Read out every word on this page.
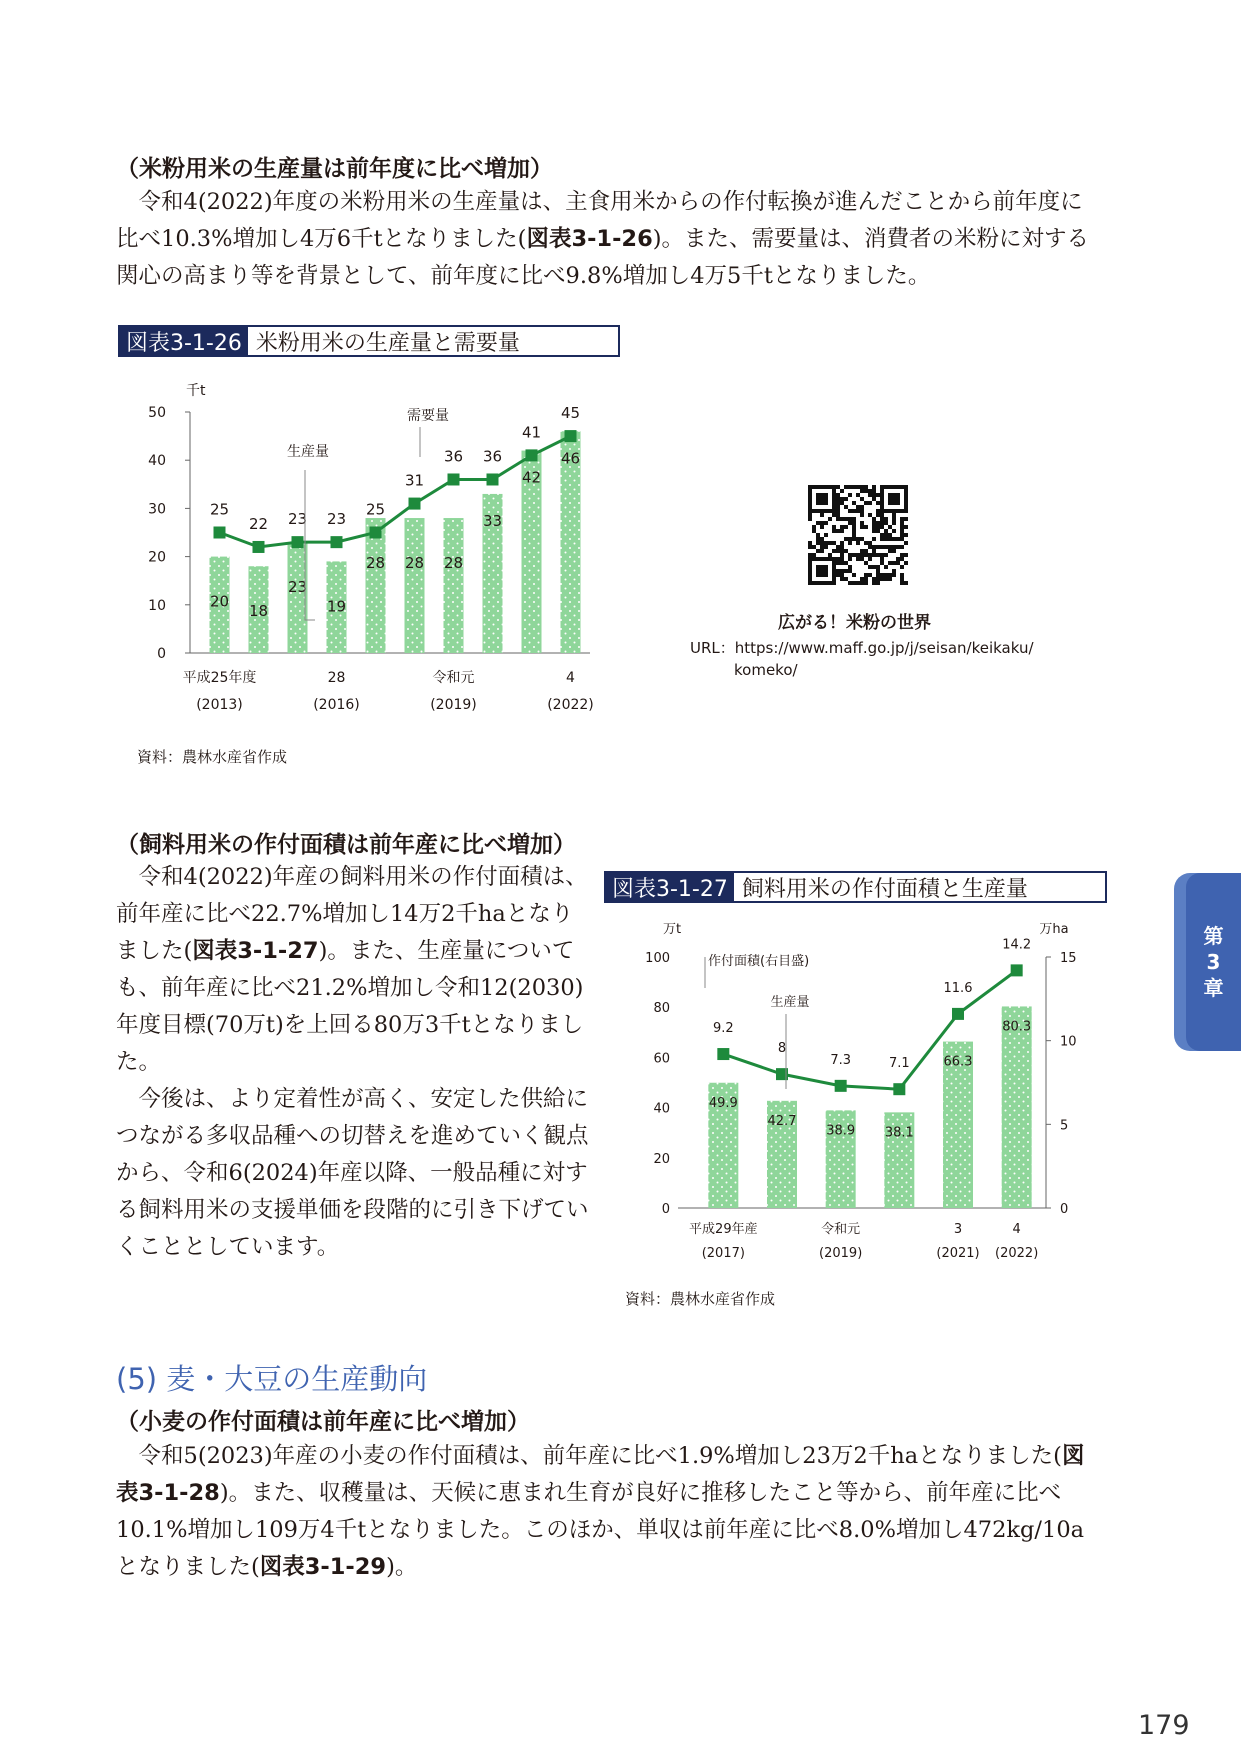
（米粉用米の生産量は前年度に比べ増加）

令和4(2022)年度の米粉用米の生産量は、主食用米からの作付転換が進んだことから前年度に比べ10.3%増加し4万6千tとなりました(図表3-1-26)。また、需要量は、消費者の米粉に対する関心の高まり等を背景として、前年度に比べ9.8%増加し4万5千tとなりました。

図表3-1-26 米粉用米の生産量と需要量
千t
0
10
20
30
40
50
20
18
23
19
28 28 28
33
42
46
25
22 23 23
25
31
36 36
41
45
生産量
需要量
平成25年度
(2013)
28
(2016)
令和元
(2019)
4
(2022)
資料：農林水産省作成
広がる！米粉の世界
URL：https://www.maff.go.jp/j/seisan/keikaku/
komeko/
（飼料用米の作付面積は前年産に比べ増加）

令和4(2022)年産の飼料用米の作付面積は、前年産に比べ22.7%増加し14万2千haとなりました(図表3-1-27)。また、生産量についても、前年産に比べ21.2%増加し令和12(2030)年度目標(70万t)を上回る80万3千tとなりました。

今後は、より定着性が高く、安定した供給につながる多収品種への切替えを進めていく観点から、令和6(2024)年産以降、一般品種に対する飼料用米の支援単価を段階的に引き下げていくこととしています。

図表3-1-27 飼料用米の作付面積と生産量
万t	万ha
0
20
40
60
80
100
0
5
10
15
49.9
42.7
38.9 38.1
66.3
80.3
9.2
8
7.3	7.1
11.6
14.2
作付面積(右目盛)
生産量
平成29年産
(2017)
令和元
(2019)
3
(2021)
4
(2022)
資料：農林水産省作成
(5) 麦・大豆の生産動向
（小麦の作付面積は前年産に比べ増加）

令和5(2023)年産の小麦の作付面積は、前年産に比べ1.9%増加し23万2千haとなりました(図表3-1-28)。また、収穫量は、天候に恵まれ生育が良好に推移したこと等から、前年産に比べ10.1%増加し109万4千tとなりました。このほか、単収は前年産に比べ8.0%増加し472kg/10aとなりました(図表3-1-29)。

第
3
章
179
